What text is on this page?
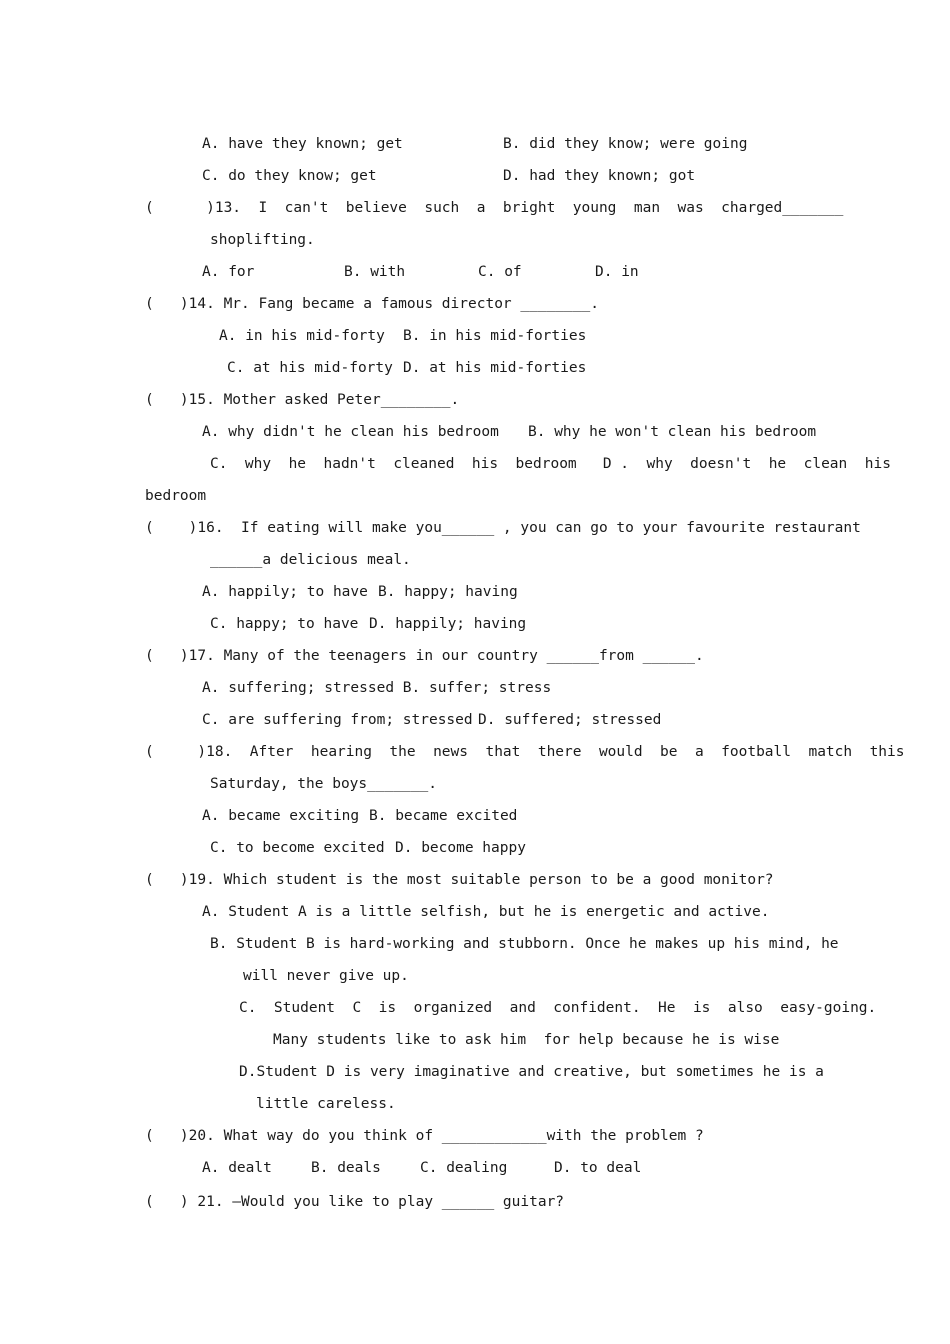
A. have they known; get	B. did they know; were going
C. do they know; get	D. had they known; got
(      )13.  I  can't  believe  such  a  bright  young  man  was  charged_______
shoplifting.
A. for	B. with	C. of	D. in
(   )14. Mr. Fang became a famous director ________.
A. in his mid-forty B. in his mid-forties
C. at his mid-forty D. at his mid-forties
(   )15. Mother asked Peter________.
A. why didn't he clean his bedroom B. why he won't clean his bedroom
C.  why  he  hadn't  cleaned  his  bedroom   D .  why  doesn't  he  clean  his
bedroom
(    )16.  If eating will make you______ , you can go to your favourite restaurant
______a delicious meal.
A. happily; to have B. happy; having
C. happy; to have D. happily; having
(   )17. Many of the teenagers in our country ______from ______.
A. suffering; stressed B. suffer; stress
C. are suffering from; stressed D. suffered; stressed
(     )18.  After  hearing  the  news  that  there  would  be  a  football  match  this
Saturday, the boys_______.
A. became exciting B. became excited
C. to become excited D. become happy
(   )19. Which student is the most suitable person to be a good monitor?
A. Student A is a little selfish, but he is energetic and active.
B. Student B is hard-working and stubborn. Once he makes up his mind, he
will never give up.
C.  Student  C  is  organized  and  confident.  He  is  also  easy-going.
Many students like to ask him  for help because he is wise
D.Student D is very imaginative and creative, but sometimes he is a
little careless.
(   )20. What way do you think of ____________with the problem ?
A. dealt	B. deals	C. dealing	D. to deal
(   ) 21. —Would you like to play ______ guitar?
